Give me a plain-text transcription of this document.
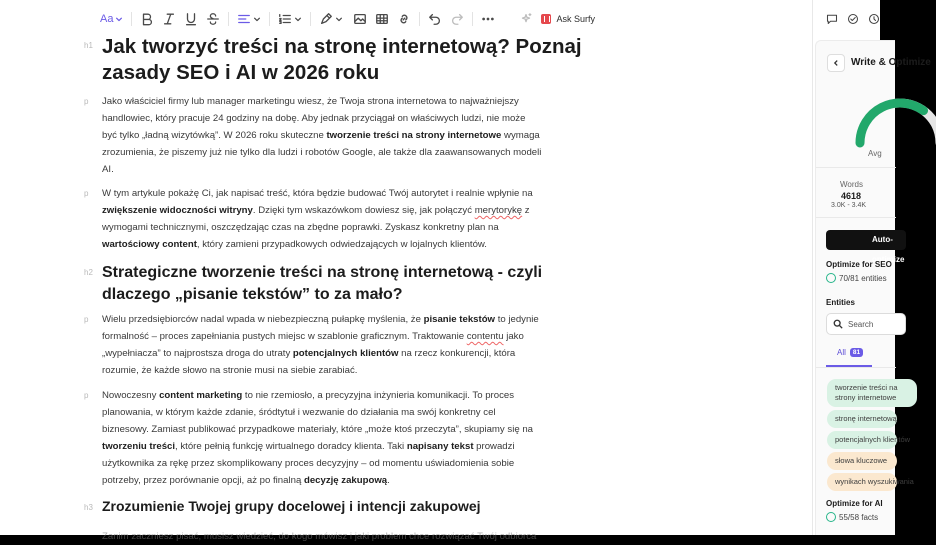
Aa	Ask Surfy
h1 Jak tworzyć treści na stronę internetową? Poznaj zasady SEO i AI w 2026 roku
p Jako właściciel firmy lub manager marketingu wiesz, że Twoja strona internetowa to najważniejszy
handlowiec, który pracuje 24 godziny na dobę. Aby jednak przyciągał on właściwych ludzi, nie może
być tylko „ładną wizytówką”. W 2026 roku skuteczne tworzenie treści na strony internetowe wymaga
zrozumienia, że piszemy już nie tylko dla ludzi i robotów Google, ale także dla zaawansowanych modeli
AI.
p W tym artykule pokażę Ci, jak napisać treść, która będzie budować Twój autorytet i realnie wpłynie na
zwiększenie widoczności witryny. Dzięki tym wskazówkom dowiesz się, jak połączyć merytorykę z
wymogami technicznymi, oszczędzając czas na zbędne poprawki. Zyskasz konkretny plan na
wartościowy content, który zamieni przypadkowych odwiedzających w lojalnych klientów.
h2 Strategiczne tworzenie treści na stronę internetową - czyli dlaczego „pisanie tekstów” to za mało?
p Wielu przedsiębiorców nadal wpada w niebezpieczną pułapkę myślenia, że pisanie tekstów to jedynie
formalność – proces zapełniania pustych miejsc w szablonie graficznym. Traktowanie contentu jako
„wypełniacza” to najprostsza droga do utraty potencjalnych klientów na rzecz konkurencji, która
rozumie, że każde słowo na stronie musi na siebie zarabiać.
p Nowoczesny content marketing to nie rzemiosło, a precyzyjna inżynieria komunikacji. To proces
planowania, w którym każde zdanie, śródtytuł i wezwanie do działania ma swój konkretny cel
biznesowy. Zamiast publikować przypadkowe materiały, które „może ktoś przeczyta”, skupiamy się na
tworzeniu treści, które pełnią funkcję wirtualnego doradcy klienta. Taki napisany tekst prowadzi
użytkownika za rękę przez skomplikowany proces decyzyjny – od momentu uświadomienia sobie
potrzeby, przez porównanie opcji, aż po finalną decyzję zakupową.
h3 Zrozumienie Twojej grupy docelowej i intencji zakupowej
Zanim zaczniesz pisać, musisz wiedzieć, do kogo mówisz i jaki problem chce rozwiązać Twój odbiorca
Write & Optimize
Avg
Words
4618
3.0K - 3.4K
Auto-optimize
Optimize for SEO
70/81 entities
Entities
Search
All	81
tworzenie treści na strony internetowe
stronę internetową
potencjalnych klientów
słowa kluczowe
wynikach wyszukiwania
Optimize for AI
55/58 facts
